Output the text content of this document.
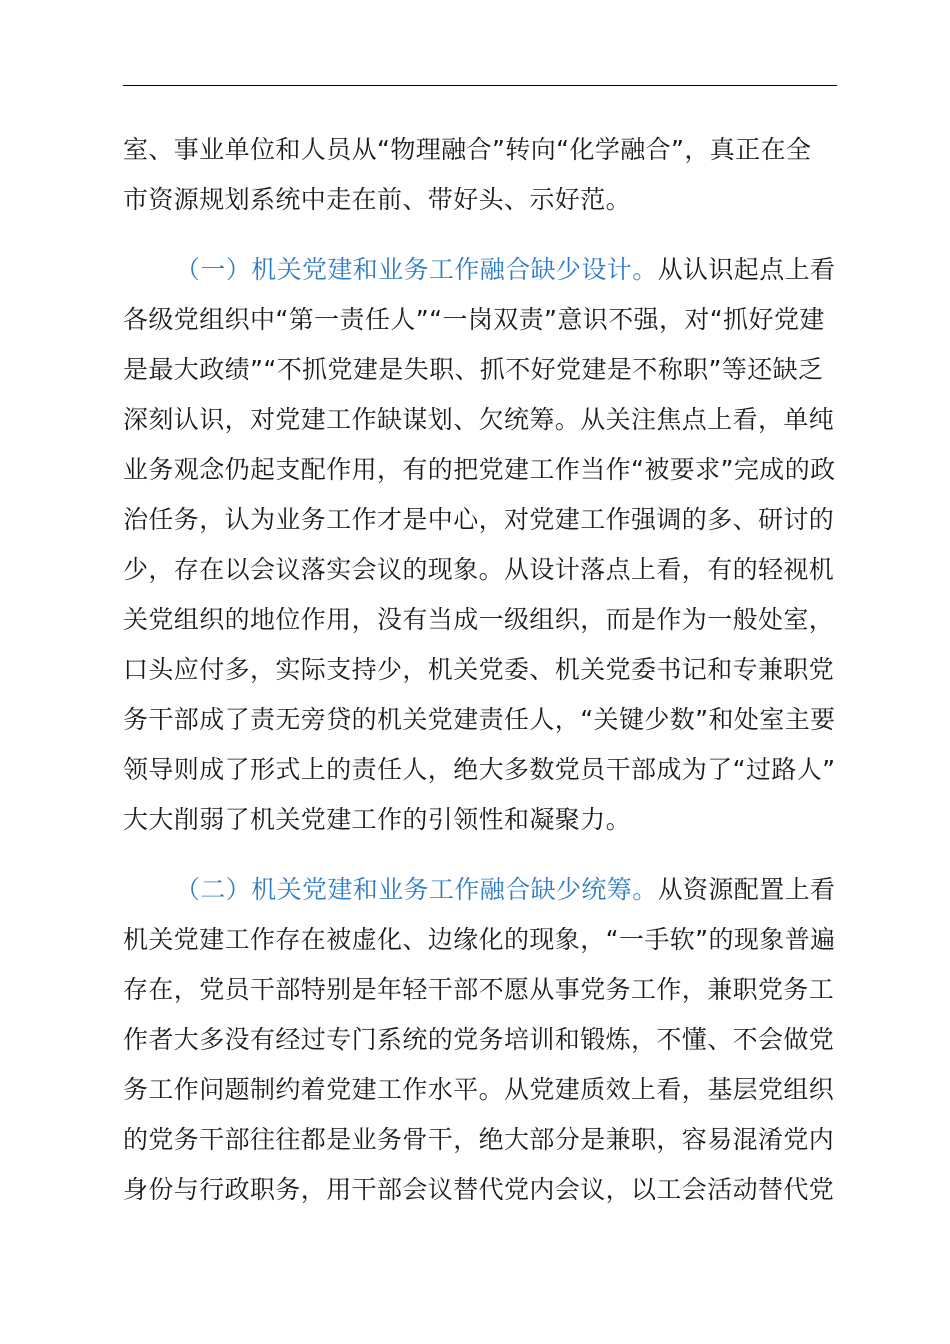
室、事业单位和人员从“物理融合”转向“化学融合”，真正在全
市资源规划系统中走在前、带好头、示好范。
（一）机关党建和业务工作融合缺少设计。从认识起点上看
各级党组织中“第一责任人”“一岗双责”意识不强，对“抓好党建
是最大政绩”“不抓党建是失职、抓不好党建是不称职”等还缺乏
深刻认识，对党建工作缺谋划、欠统筹。从关注焦点上看，单纯
业务观念仍起支配作用，有的把党建工作当作“被要求”完成的政
治任务，认为业务工作才是中心，对党建工作强调的多、研讨的
少，存在以会议落实会议的现象。从设计落点上看，有的轻视机
关党组织的地位作用，没有当成一级组织，而是作为一般处室，
口头应付多，实际支持少，机关党委、机关党委书记和专兼职党
务干部成了责无旁贷的机关党建责任人，“关键少数”和处室主要
领导则成了形式上的责任人，绝大多数党员干部成为了“过路人”
大大削弱了机关党建工作的引领性和凝聚力。
（二）机关党建和业务工作融合缺少统筹。从资源配置上看
机关党建工作存在被虚化、边缘化的现象，“一手软”的现象普遍
存在，党员干部特别是年轻干部不愿从事党务工作，兼职党务工
作者大多没有经过专门系统的党务培训和锻炼，不懂、不会做党
务工作问题制约着党建工作水平。从党建质效上看，基层党组织
的党务干部往往都是业务骨干，绝大部分是兼职，容易混淆党内
身份与行政职务，用干部会议替代党内会议，以工会活动替代党
